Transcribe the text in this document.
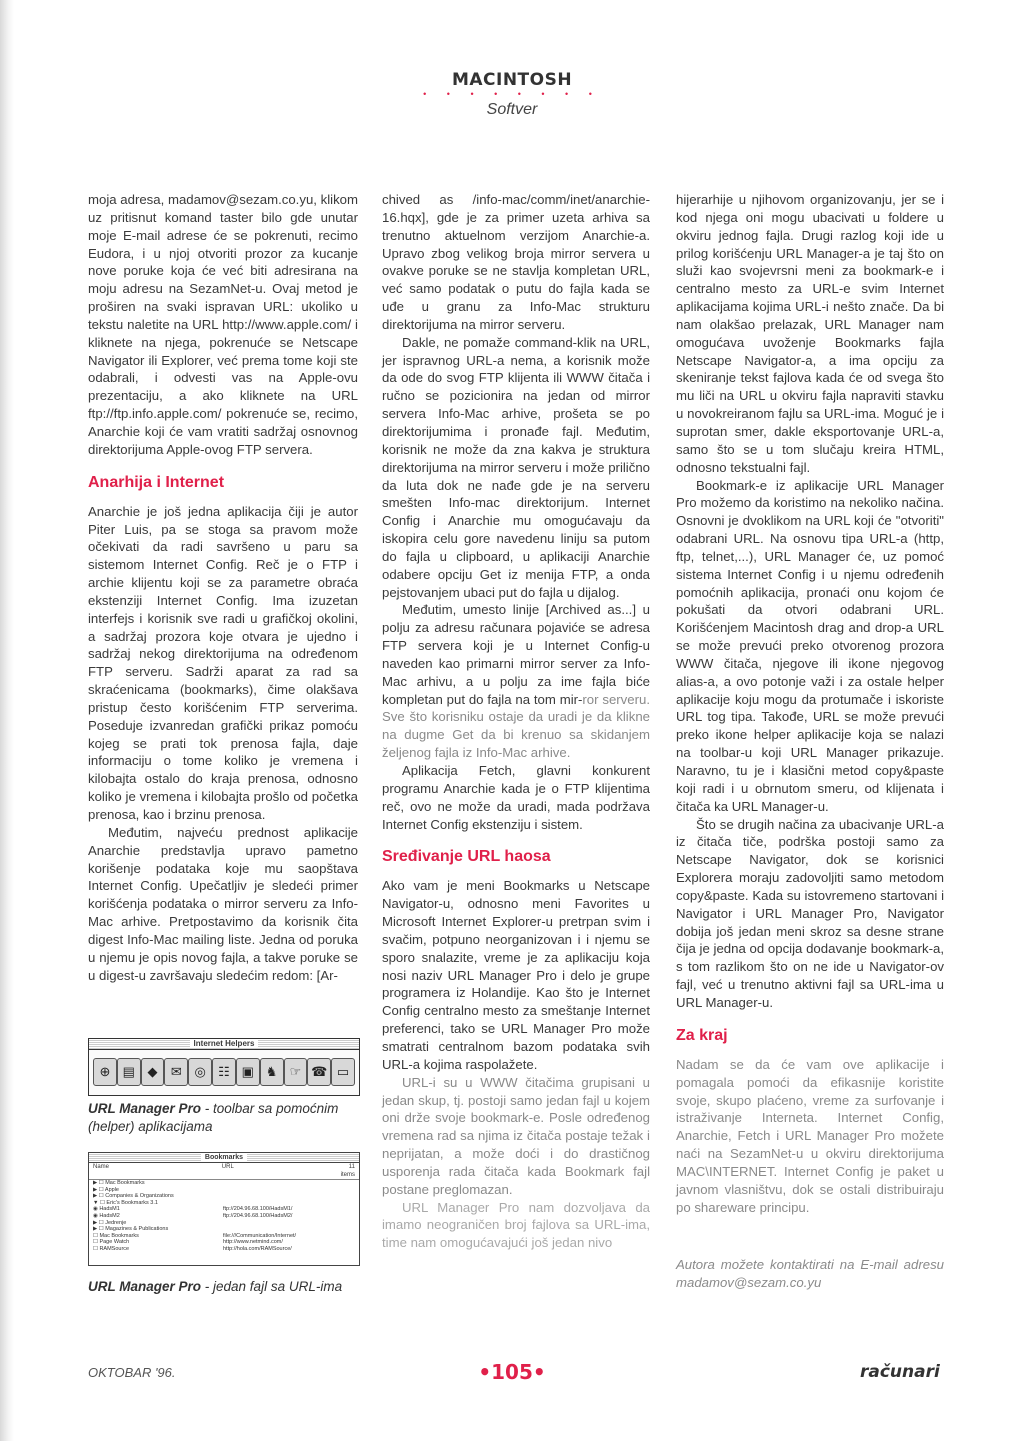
MACINTOSH
• • • • • • • •
Softver

moja adresa, madamov@sezam.co.yu, klikom uz pritisnut komand taster bilo gde unutar moje E-mail adrese će se pokrenuti, recimo Eudora, i u njoj otvoriti prozor za kucanje nove poruke koja će već biti adresirana na moju adresu na SezamNet-u. Ovaj metod je proširen na svaki ispravan URL: ukoliko u tekstu naletite na URL http://www.apple.com/ i kliknete na njega, pokrenuće se Netscape Navigator ili Explorer, već prema tome koji ste odabrali, i odvesti vas na Apple-ovu prezentaciju, a ako kliknete na URL ftp://ftp.info.apple.com/ pokrenuće se, recimo, Anarchie koji će vam vratiti sadržaj osnovnog direktorijuma Apple-ovog FTP servera.

Anarhija i Internet

Anarchie je još jedna aplikacija čiji je autor Piter Luis, pa se stoga sa pravom može očekivati da radi savršeno u paru sa sistemom Internet Config. Reč je o FTP i archie klijentu koji se za parametre obraća ekstenziji Internet Config. Ima izuzetan interfejs i korisnik sve radi u grafičkoj okolini, a sadržaj prozora koje otvara je ujedno i sadržaj nekog direktorijuma na određenom FTP serveru. Sadrži aparat za rad sa skraćenicama (bookmarks), čime olakšava pristup često korišćenim FTP serverima. Poseduje izvanredan grafički prikaz pomoću kojeg se prati tok prenosa fajla, daje informaciju o tome koliko je vremena i kilobajta ostalo do kraja prenosa, odnosno koliko je vremena i kilobajta prošlo od početka prenosa, kao i brzinu prenosa.

Međutim, najveću prednost aplikacije Anarchie predstavlja upravo pametno korišenje podataka koje mu saopštava Internet Config. Upečatljiv je sledeći primer korišćenja podataka o mirror serveru za Info-Mac arhive. Pretpostavimo da korisnik čita digest Info-Mac mailing liste. Jedna od poruka u njemu je opis novog fajla, a takve poruke se u digest-u završavaju sledećim redom: [Ar-

Internet Helpers
⊕ ▤ ◆	✉ ◎ ☷ ▣ ♞ ☞ ☎ ▭
URL Manager Pro - toolbar sa pomoćnim (helper) aplikacijama
Bookmarks
Name	URL	11 items
▶ ☐ Mac Bookmarks
▶ ☐ Apple
▶ ☐ Companies & Organizations
▼ ☐ Eric's Bookmarks 3.1
◉ HadsM1	ftp://204.96.68.100/HadsM1/
◉ HadsM2	ftp://204.96.68.100/HadsM2/
▶ ☐ Jedrenje
▶ ☐ Magazines & Publications
☐ Mac Bookmarks	file:///Communication/Internet/
☐ Page Watch	http://www.netmind.com/
☐ RAMSource	http://hola.com/RAMSource/
URL Manager Pro - jedan fajl sa URL-ima

chived as /info-mac/comm/inet/anarchie-16.hqx], gde je za primer uzeta arhiva sa trenutno aktuelnom verzijom Anarchie-a. Upravo zbog velikog broja mirror servera u ovakve poruke se ne stavlja kompletan URL, već samo podatak o putu do fajla kada se uđe u granu za Info-Mac strukturu direktorijuma na mirror serveru.

Dakle, ne pomaže command-klik na URL, jer ispravnog URL-a nema, a korisnik može da ode do svog FTP klijenta ili WWW čitača i ručno se pozicionira na jedan od mirror servera Info-Mac arhive, prošeta se po direktorijumima i pronađe fajl. Međutim, korisnik ne može da zna kakva je struktura direktorijuma na mirror serveru i može prilično da luta dok ne nađe gde je na serveru smešten Info-mac direktorijum. Internet Config i Anarchie mu omogućavaju da iskopira celu gore navedenu liniju sa putom do fajla u clipboard, u aplikaciji Anarchie odabere opciju Get iz menija FTP, a onda pejstovanjem ubaci put do fajla u dijalog.

Međutim, umesto linije [Archived as...] u polju za adresu računara pojaviće se adresa FTP servera koji je u Internet Config-u naveden kao primarni mirror server za Info-Mac arhivu, a u polju za ime fajla biće kompletan put do fajla na tom mir-ror serveru. Sve što korisniku ostaje da uradi je da klikne na dugme Get da bi krenuo sa skidanjem željenog fajla iz Info-Mac arhive.

Aplikacija Fetch, glavni konkurent programu Anarchie kada je o FTP klijentima reč, ovo ne može da uradi, mada podržava Internet Config ekstenziju i sistem.

Sređivanje URL haosa

Ako vam je meni Bookmarks u Netscape Navigator-u, odnosno meni Favorites u Microsoft Internet Explorer-u pretrpan svim i svačim, potpuno neorganizovan i i njemu se sporo snalazite, vreme je za aplikaciju koja nosi naziv URL Manager Pro i delo je grupe programera iz Holandije. Kao što je Internet Config centralno mesto za smeštanje Internet preferenci, tako se URL Manager Pro može smatrati centralnom bazom podataka svih URL-a kojima raspolažete.

URL-i su u WWW čitačima grupisani u jedan skup, tj. postoji samo jedan fajl u kojem oni drže svoje bookmark-e. Posle određenog vremena rad sa njima iz čitača postaje težak i neprijatan, a može doći i do drastičnog usporenja rada čitača kada Bookmark fajl postane preglomazan.

URL Manager Pro nam dozvoljava da imamo neograničen broj fajlova sa URL-ima, time nam omogućavajući još jedan nivo

hijerarhije u njihovom organizovanju, jer se i kod njega oni mogu ubacivati u foldere u okviru jednog fajla. Drugi razlog koji ide u prilog korišćenju URL Manager-a je taj što on služi kao svojevrsni meni za bookmark-e i centralno mesto za URL-e svim Internet aplikacijama kojima URL-i nešto znače. Da bi nam olakšao prelazak, URL Manager nam omogućava uvoženje Bookmarks fajla Netscape Navigator-a, a ima opciju za skeniranje tekst fajlova kada će od svega što mu liči na URL u okviru fajla napraviti stavku u novokreiranom fajlu sa URL-ima. Moguć je i suprotan smer, dakle eksportovanje URL-a, samo što se u tom slučaju kreira HTML, odnosno tekstualni fajl.

Bookmark-e iz aplikacije URL Manager Pro možemo da koristimo na nekoliko načina. Osnovni je dvoklikom na URL koji će "otvoriti" odabrani URL. Na osnovu tipa URL-a (http, ftp, telnet,...), URL Manager će, uz pomoć sistema Internet Config i u njemu određenih pomoćnih aplikacija, pronaći onu kojom će pokušati da otvori odabrani URL. Korišćenjem Macintosh drag and drop-a URL se može prevući preko otvorenog prozora WWW čitača, njegove ili ikone njegovog alias-a, a ovo potonje važi i za ostale helper aplikacije koju mogu da protumače i iskoriste URL tog tipa. Takođe, URL se može prevući preko ikone helper aplikacije koja se nalazi na toolbar-u koji URL Manager prikazuje. Naravno, tu je i klasični metod copy&paste koji radi i u obrnutom smeru, od klijenata i čitača ka URL Manager-u.

Što se drugih načina za ubacivanje URL-a iz čitača tiče, podrška postoji samo za Netscape Navigator, dok se korisnici Explorera moraju zadovoljiti samo metodom copy&paste. Kada su istovremeno startovani i Navigator i URL Manager Pro, Navigator dobija još jedan meni skroz sa desne strane čija je jedna od opcija dodavanje bookmark-a, s tom razlikom što on ne ide u Navigator-ov fajl, već u trenutno aktivni fajl sa URL-ima u URL Manager-u.

Za kraj

Nadam se da će vam ove aplikacije i pomagala pomoći da efikasnije koristite svoje, skupo plaćeno, vreme za surfovanje i istraživanje Interneta. Internet Config, Anarchie, Fetch i URL Manager Pro možete naći na SezamNet-u u okviru direktorijuma MAC\INTERNET. Internet Config je paket u javnom vlasništvu, dok se ostali distribuiraju po shareware principu.

Autora možete kontaktirati na E-mail adresu madamov@sezam.co.yu

OKTOBAR '96.	•105•	računari
